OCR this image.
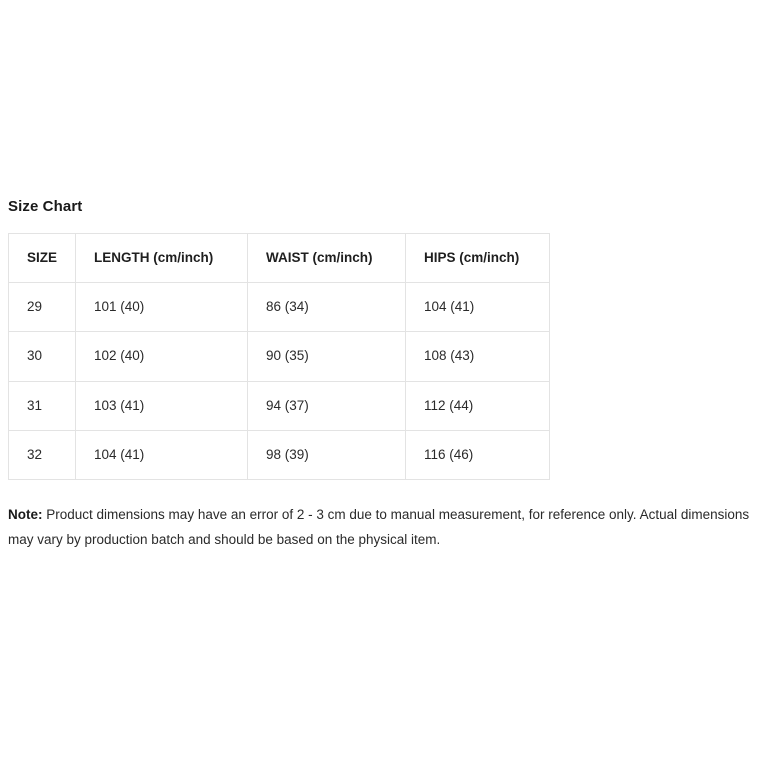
Size Chart
SIZE	LENGTH (cm/inch)	WAIST (cm/inch)	HIPS (cm/inch)
29	101 (40)	86 (34)	104 (41)
30	102 (40)	90 (35)	108 (43)
31	103 (41)	94 (37)	112 (44)
32	104 (41)	98 (39)	116 (46)
Note: Product dimensions may have an error of 2 - 3 cm due to manual measurement, for reference only. Actual dimensions may vary by production batch and should be based on the physical item.
